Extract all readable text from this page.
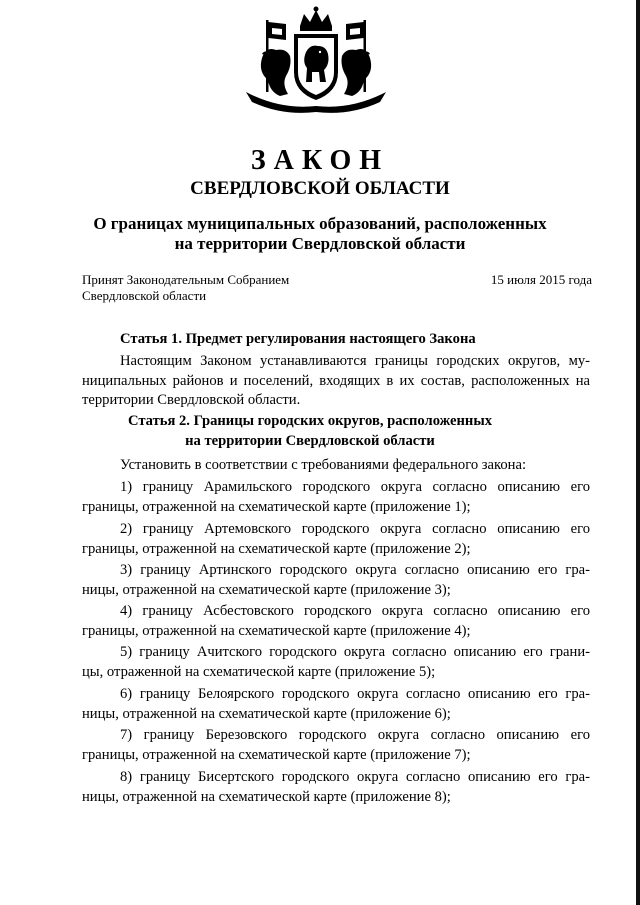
ЗАКОН
СВЕРДЛОВСКОЙ ОБЛАСТИ
О границах муниципальных образований, расположенных
на территории Свердловской области
Принят Законодательным Собранием
Свердловской области
15 июля 2015 года
Статья 1. Предмет регулирования настоящего Закона
Настоящим Законом устанавливаются границы городских округов, му-
ниципальных районов и поселений, входящих в их состав, расположенных на
территории Свердловской области.
Статья 2. Границы городских округов, расположенных
на территории Свердловской области
Установить в соответствии с требованиями федерального закона:
1) границу Арамильского городского округа согласно описанию его
границы, отраженной на схематической карте (приложение 1);
2) границу Артемовского городского округа согласно описанию его
границы, отраженной на схематической карте (приложение 2);
3) границу Артинского городского округа согласно описанию его гра-
ницы, отраженной на схематической карте (приложение 3);
4) границу Асбестовского городского округа согласно описанию его
границы, отраженной на схематической карте (приложение 4);
5) границу Ачитского городского округа согласно описанию его грани-
цы, отраженной на схематической карте (приложение 5);
6) границу Белоярского городского округа согласно описанию его гра-
ницы, отраженной на схематической карте (приложение 6);
7) границу Березовского городского округа согласно описанию его
границы, отраженной на схематической карте (приложение 7);
8) границу Бисертского городского округа согласно описанию его гра-
ницы, отраженной на схематической карте (приложение 8);
